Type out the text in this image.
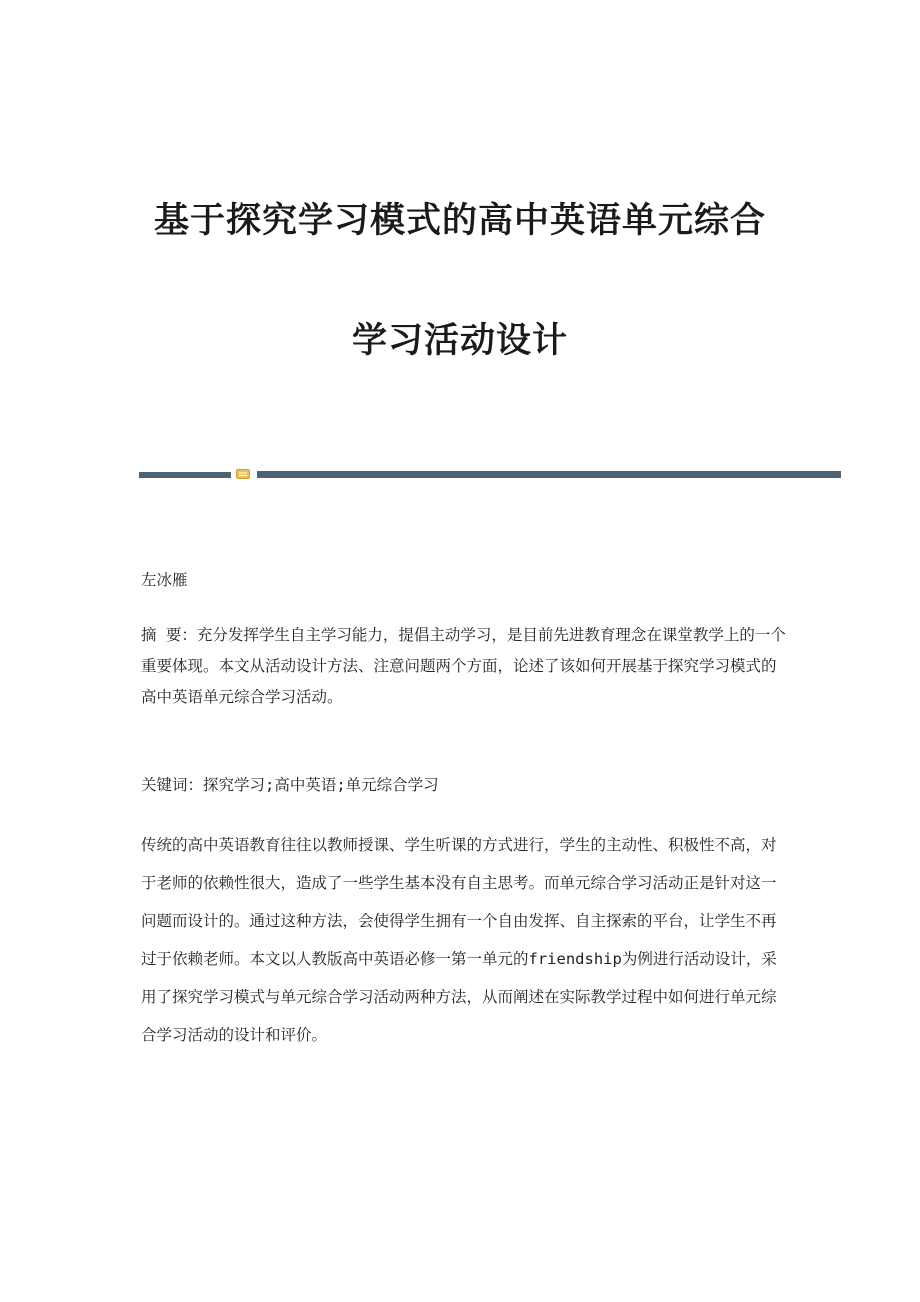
基于探究学习模式的高中英语单元综合
学习活动设计

左冰雁

摘 要：充分发挥学生自主学习能力，提倡主动学习，是目前先进教育理念在课堂教学上的一个重要体现。本文从活动设计方法、注意问题两个方面，论述了该如何开展基于探究学习模式的高中英语单元综合学习活动。

关键词：探究学习;高中英语;单元综合学习

传统的高中英语教育往往以教师授课、学生听课的方式进行，学生的主动性、积极性不高，对于老师的依赖性很大，造成了一些学生基本没有自主思考。而单元综合学习活动正是针对这一问题而设计的。通过这种方法，会使得学生拥有一个自由发挥、自主探索的平台，让学生不再过于依赖老师。本文以人教版高中英语必修一第一单元的friendship为例进行活动设计，采用了探究学习模式与单元综合学习活动两种方法，从而阐述在实际教学过程中如何进行单元综合学习活动的设计和评价。
